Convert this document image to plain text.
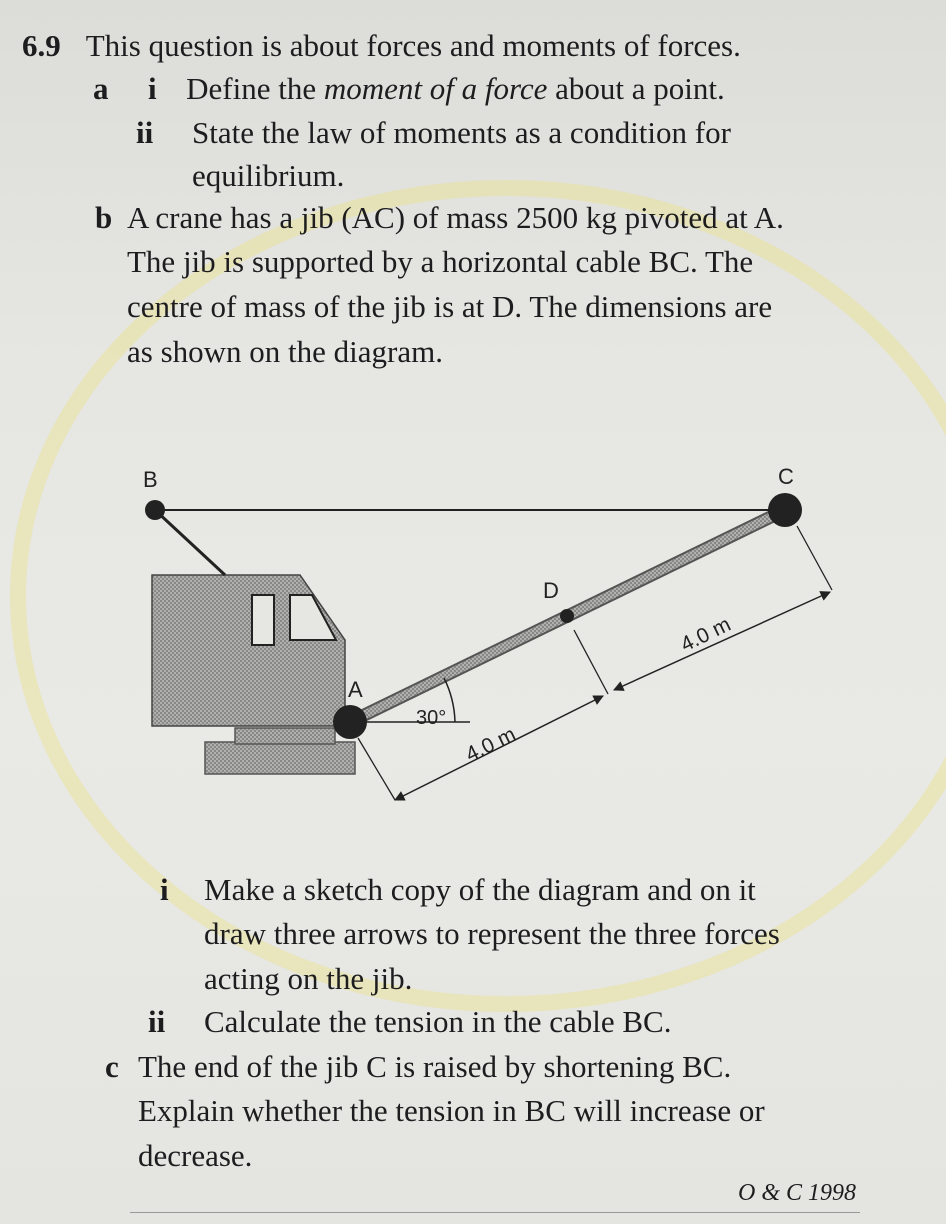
6.9 This question is about forces and moments of forces.
a i Define the moment of a force about a point.
ii State the law of moments as a condition for
equilibrium.
b A crane has a jib (AC) of mass 2500 kg pivoted at A.
The jib is supported by a horizontal cable BC. The
centre of mass of the jib is at D. The dimensions are
as shown on the diagram.
30°
B	C
A
D
4.0 m
4.0 m
i Make a sketch copy of the diagram and on it
draw three arrows to represent the three forces
acting on the jib.
ii Calculate the tension in the cable BC.
c The end of the jib C is raised by shortening BC.
Explain whether the tension in BC will increase or
decrease.
O & C 1998
